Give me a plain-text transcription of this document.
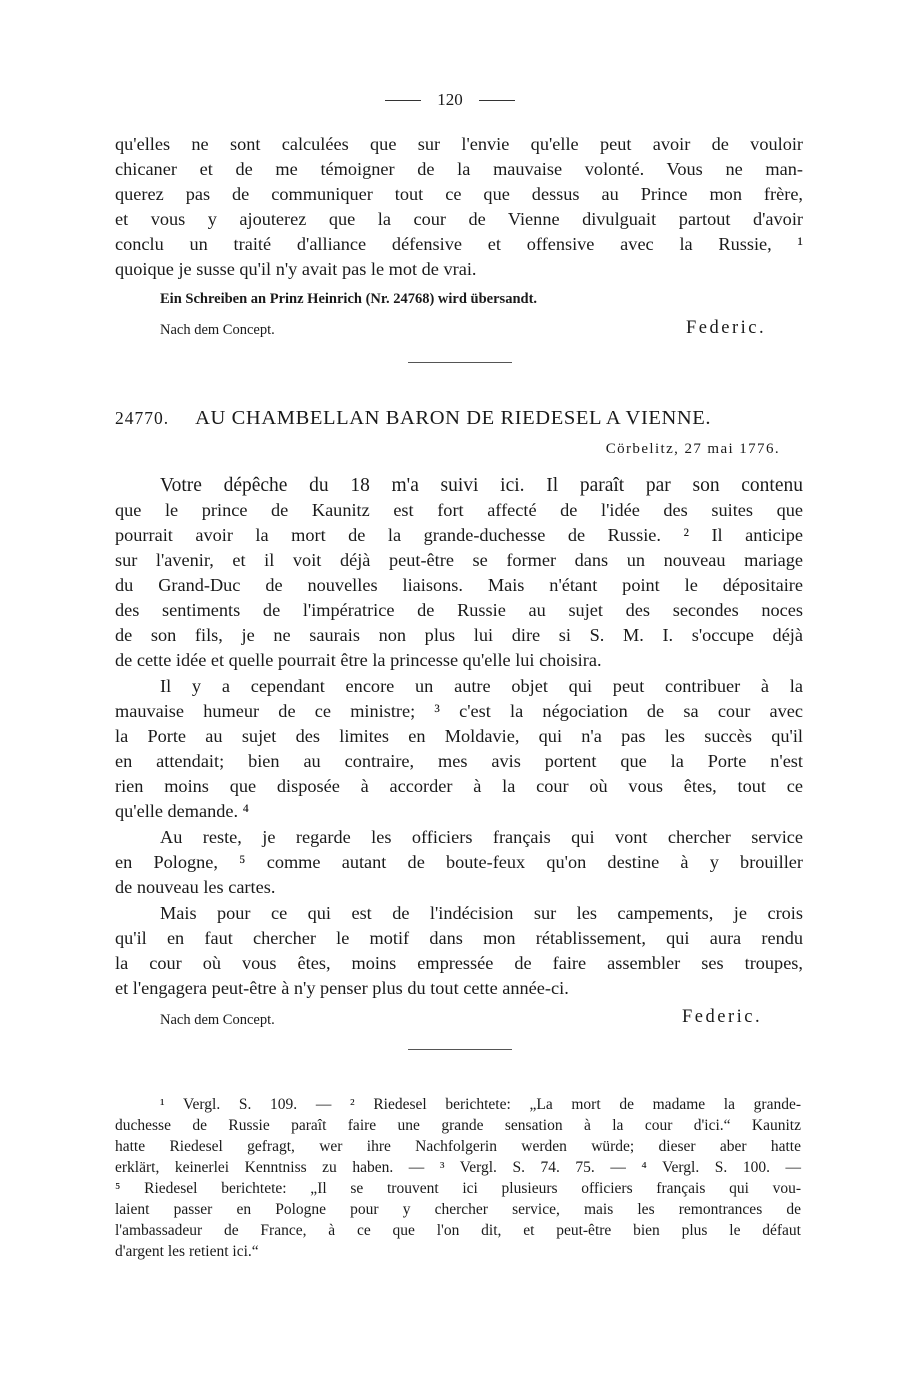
120
qu'elles ne sont calculées que sur l'envie qu'elle peut avoir de vouloir
chicaner et de me témoigner de la mauvaise volonté. Vous ne man-
querez pas de communiquer tout ce que dessus au Prince mon frère,
et vous y ajouterez que la cour de Vienne divulguait partout d'avoir
conclu un traité d'alliance défensive et offensive avec la Russie, ¹
quoique je susse qu'il n'y avait pas le mot de vrai.
Ein Schreiben an Prinz Heinrich (Nr. 24768) wird übersandt.
Nach dem Concept.	Federic.
24770. AU CHAMBELLAN BARON DE RIEDESEL A VIENNE.
Cörbelitz, 27 mai 1776.
Votre dépêche du 18 m'a suivi ici. Il paraît par son contenu
que le prince de Kaunitz est fort affecté de l'idée des suites que
pourrait avoir la mort de la grande-duchesse de Russie. ² Il anticipe
sur l'avenir, et il voit déjà peut-être se former dans un nouveau mariage
du Grand-Duc de nouvelles liaisons. Mais n'étant point le dépositaire
des sentiments de l'impératrice de Russie au sujet des secondes noces
de son fils, je ne saurais non plus lui dire si S. M. I. s'occupe déjà
de cette idée et quelle pourrait être la princesse qu'elle lui choisira.
Il y a cependant encore un autre objet qui peut contribuer à la
mauvaise humeur de ce ministre; ³ c'est la négociation de sa cour avec
la Porte au sujet des limites en Moldavie, qui n'a pas les succès qu'il
en attendait; bien au contraire, mes avis portent que la Porte n'est
rien moins que disposée à accorder à la cour où vous êtes, tout ce
qu'elle demande. ⁴
Au reste, je regarde les officiers français qui vont chercher service
en Pologne, ⁵ comme autant de boute-feux qu'on destine à y brouiller
de nouveau les cartes.
Mais pour ce qui est de l'indécision sur les campements, je crois
qu'il en faut chercher le motif dans mon rétablissement, qui aura rendu
la cour où vous êtes, moins empressée de faire assembler ses troupes,
et l'engagera peut-être à n'y penser plus du tout cette année-ci.
Nach dem Concept.	Federic.
¹ Vergl. S. 109. — ² Riedesel berichtete: „La mort de madame la grande-
duchesse de Russie paraît faire une grande sensation à la cour d'ici.“ Kaunitz
hatte Riedesel gefragt, wer ihre Nachfolgerin werden würde; dieser aber hatte
erklärt, keinerlei Kenntniss zu haben. — ³ Vergl. S. 74. 75. — ⁴ Vergl. S. 100. —
⁵ Riedesel berichtete: „Il se trouvent ici plusieurs officiers français qui vou-
laient passer en Pologne pour y chercher service, mais les remontrances de
l'ambassadeur de France, à ce que l'on dit, et peut-être bien plus le défaut
d'argent les retient ici.“
